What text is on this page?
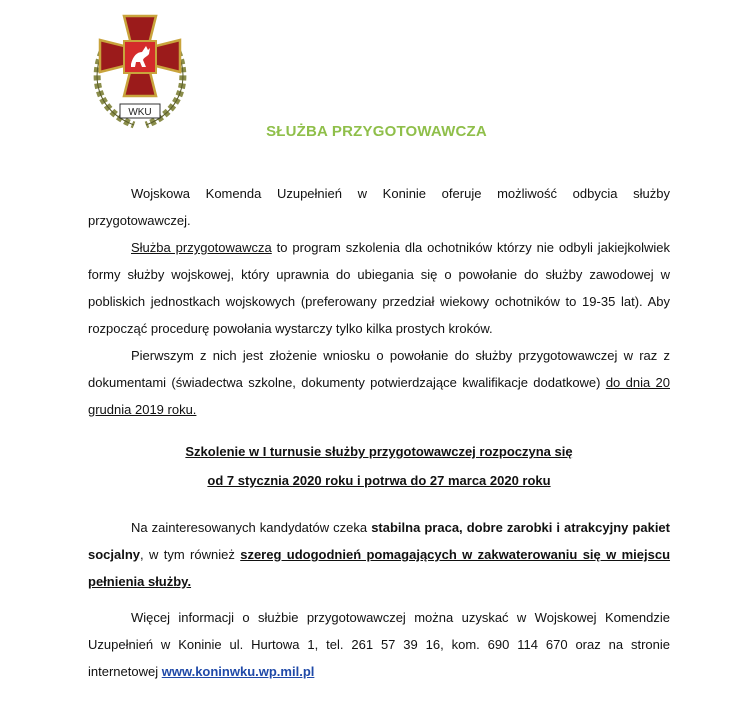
WKU
SŁUŻBA PRZYGOTOWAWCZA

Wojskowa Komenda Uzupełnień w Koninie oferuje możliwość odbycia służby przygotowawczej.

Służba przygotowawcza to program szkolenia dla ochotników którzy nie odbyli jakiejkolwiek formy służby wojskowej, który uprawnia do ubiegania się o powołanie do służby zawodowej w pobliskich jednostkach wojskowych (preferowany przedział wiekowy ochotników to 19-35 lat). Aby rozpocząć procedurę powołania wystarczy tylko kilka prostych kroków.

Pierwszym z nich jest złożenie wniosku o powołanie do służby przygotowawczej w raz z dokumentami (świadectwa szkolne, dokumenty potwierdzające kwalifikacje dodatkowe) do dnia 20 grudnia 2019 roku.

Szkolenie w I turnusie służby przygotowawczej rozpoczyna się
od 7 stycznia 2020 roku i potrwa do 27 marca 2020 roku

Na zainteresowanych kandydatów czeka stabilna praca, dobre zarobki i atrakcyjny pakiet socjalny, w tym również szereg udogodnień pomagających w zakwaterowaniu się w miejscu pełnienia służby.

Więcej informacji o służbie przygotowawczej można uzyskać w Wojskowej Komendzie Uzupełnień w Koninie ul. Hurtowa 1, tel. 261 57 39 16, kom. 690 114 670 oraz na stronie internetowej www.koninwku.wp.mil.pl
